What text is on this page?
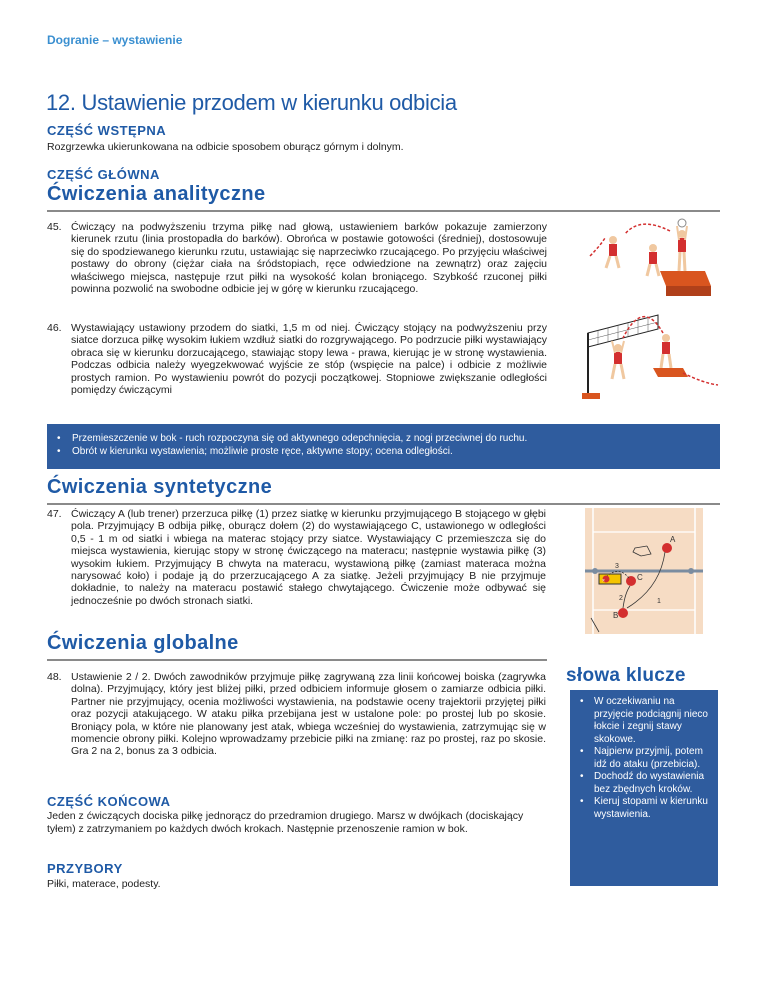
Dogranie – wystawienie
12. Ustawienie przodem w kierunku odbicia
CZĘŚĆ WSTĘPNA

Rozgrzewka ukierunkowana na odbicie sposobem oburącz górnym i dolnym.

CZĘŚĆ GŁÓWNA
Ćwiczenia analityczne
45. Ćwiczący na podwyższeniu trzyma piłkę nad głową, ustawieniem barków pokazuje zamierzony kierunek rzutu (linia prostopadła do barków). Obrońca w postawie gotowości (średniej), dostosowuje się do spodziewanego kierunku rzutu, ustawiając się naprzeciwko rzucającego. Po przyjęciu właściwej postawy do obrony (ciężar ciała na śródstopiach, ręce odwiedzione na zewnątrz) oraz zajęciu właściwego miejsca, następuje rzut piłki na wysokość kolan broniącego. Szybkość rzuconej piłki powinna pozwolić na swobodne odbicie jej w górę w kierunku rzucającego.
46. Wystawiający ustawiony przodem do siatki, 1,5 m od niej. Ćwiczący stojący na podwyższeniu przy siatce dorzuca piłkę wysokim łukiem wzdłuż siatki do rozgrywającego. Po podrzucie piłki wystawiający obraca się w kierunku dorzucającego, stawiając stopy lewa - prawa, kierując je w stronę wystawienia. Podczas odbicia należy wyegzekwować wyjście ze stóp (wspięcie na palce) i odbicie z możliwie prostych ramion. Po wystawieniu powrót do pozycji początkowej. Stopniowe zwiększanie odległości pomiędzy ćwiczącymi
•	Przemieszczenie w bok - ruch rozpoczyna się od aktywnego odepchnięcia, z nogi przeciwnej do ruchu.
•	Obrót w kierunku wystawienia; możliwie proste ręce, aktywne stopy; ocena odległości.
Ćwiczenia syntetyczne
47. Ćwiczący A (lub trener) przerzuca piłkę (1) przez siatkę w kierunku przyjmującego B stojącego w głębi pola. Przyjmujący B odbija piłkę, oburącz dołem (2) do wystawiającego C, ustawionego w odległości 0,5 - 1 m od siatki i wbiega na materac stojący przy siatce. Wystawiający C przemieszcza się do miejsca wystawienia, kierując stopy w stronę ćwiczącego na materacu; następnie wystawia piłkę (3) wysokim łukiem. Przyjmujący B chwyta na materacu, wystawioną piłkę (zamiast materaca można narysować koło) i podaje ją do przerzucającego A za siatkę. Jeżeli przyjmujący B nie przyjmuje dokładnie, to należy na materacu postawić stałego chwytającego. Ćwiczenie może odbywać się jednocześnie po dwóch stronach siatki.
×
A
C
B
1
2
3
Ćwiczenia globalne
48. Ustawienie 2 / 2. Dwóch zawodników przyjmuje piłkę zagrywaną zza linii końcowej boiska (zagrywka dolna). Przyjmujący, który jest bliżej piłki, przed odbiciem informuje głosem o zamiarze odbicia piłki. Partner nie przyjmujący, ocenia możliwości wystawienia, na podstawie oceny trajektorii przyjętej piłki oraz pozycji atakującego. W ataku piłka przebijana jest w ustalone pole: po prostej lub po skosie. Broniący pola, w które nie planowany jest atak, wbiega wcześniej do wystawienia, zatrzymując się w momencie obrony piłki. Kolejno wprowadzamy przebicie piłki na zmianę: raz po prostej, raz po skosie. Gra 2 na 2, bonus za 3 odbicia.
CZĘŚĆ KOŃCOWA

Jeden z ćwiczących dociska piłkę jednorącz do przedramion drugiego. Marsz w dwójkach (dociskający tyłem) z zatrzymaniem po każdych dwóch krokach. Następnie przenoszenie ramion w bok.

PRZYBORY

Piłki, materace, podesty.

słowa klucze
•	W oczekiwaniu na przyjęcie podciągnij nieco łokcie i zegnij stawy skokowe.
•	Najpierw przyjmij, potem idź do ataku (przebicia).
•	Dochodź do wystawienia bez zbędnych kroków.
•	Kieruj stopami w kierunku wystawienia.
